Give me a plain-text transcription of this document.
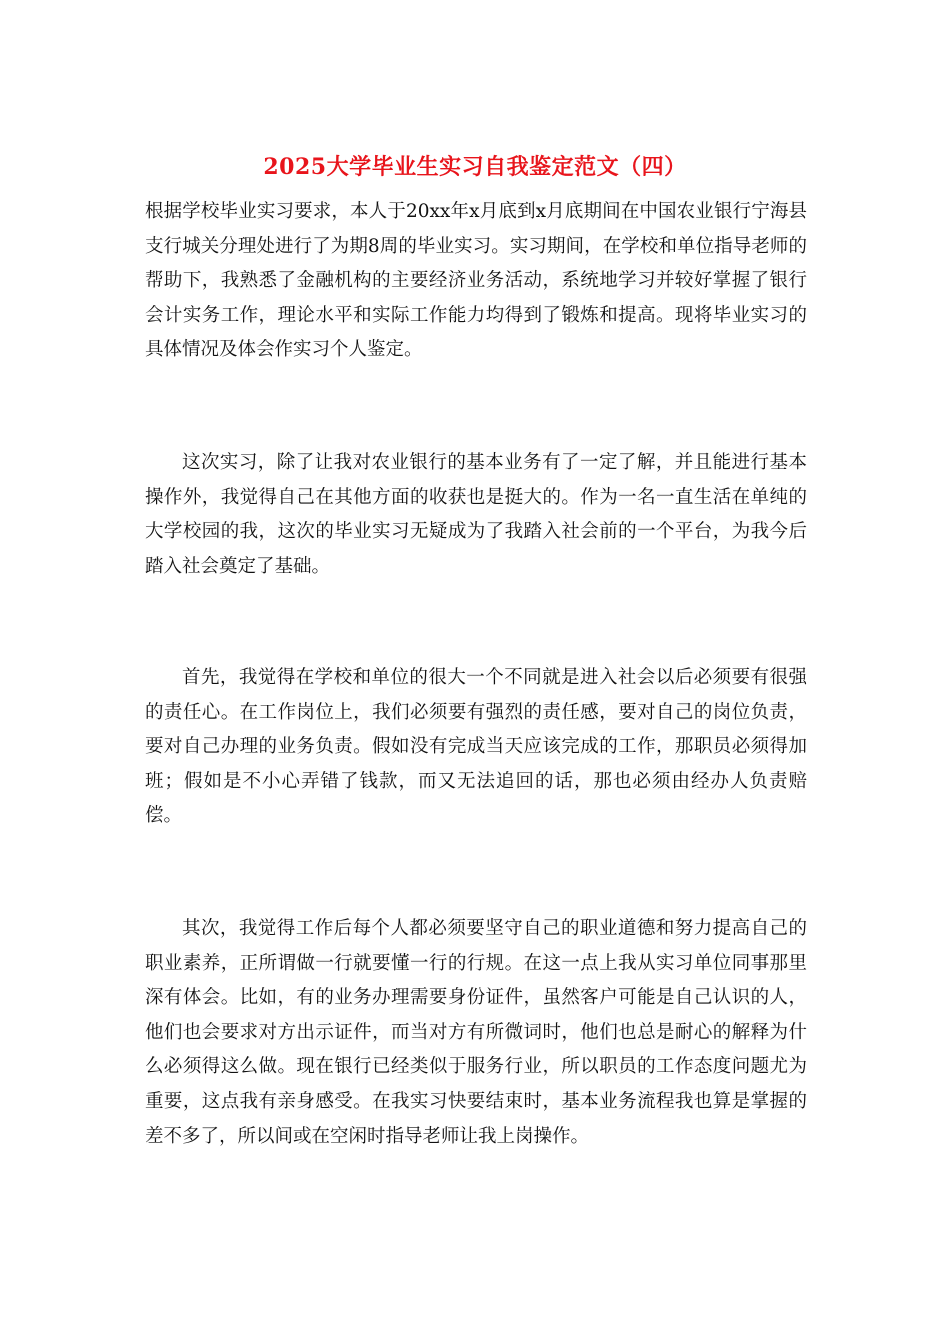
2025大学毕业生实习自我鉴定范文（四）

根据学校毕业实习要求，本人于20xx年x月底到x月底期间在中国农业银行宁海县支行城关分理处进行了为期8周的毕业实习。实习期间，在学校和单位指导老师的帮助下，我熟悉了金融机构的主要经济业务活动，系统地学习并较好掌握了银行会计实务工作，理论水平和实际工作能力均得到了锻炼和提高。现将毕业实习的具体情况及体会作实习个人鉴定。

这次实习，除了让我对农业银行的基本业务有了一定了解，并且能进行基本操作外，我觉得自己在其他方面的收获也是挺大的。作为一名一直生活在单纯的大学校园的我，这次的毕业实习无疑成为了我踏入社会前的一个平台，为我今后踏入社会奠定了基础。

首先，我觉得在学校和单位的很大一个不同就是进入社会以后必须要有很强的责任心。在工作岗位上，我们必须要有强烈的责任感，要对自己的岗位负责，要对自己办理的业务负责。假如没有完成当天应该完成的工作，那职员必须得加班；假如是不小心弄错了钱款，而又无法追回的话，那也必须由经办人负责赔偿。

其次，我觉得工作后每个人都必须要坚守自己的职业道德和努力提高自己的职业素养，正所谓做一行就要懂一行的行规。在这一点上我从实习单位同事那里深有体会。比如，有的业务办理需要身份证件，虽然客户可能是自己认识的人，他们也会要求对方出示证件，而当对方有所微词时，他们也总是耐心的解释为什么必须得这么做。现在银行已经类似于服务行业，所以职员的工作态度问题尤为重要，这点我有亲身感受。在我实习快要结束时，基本业务流程我也算是掌握的差不多了，所以间或在空闲时指导老师让我上岗操作。
